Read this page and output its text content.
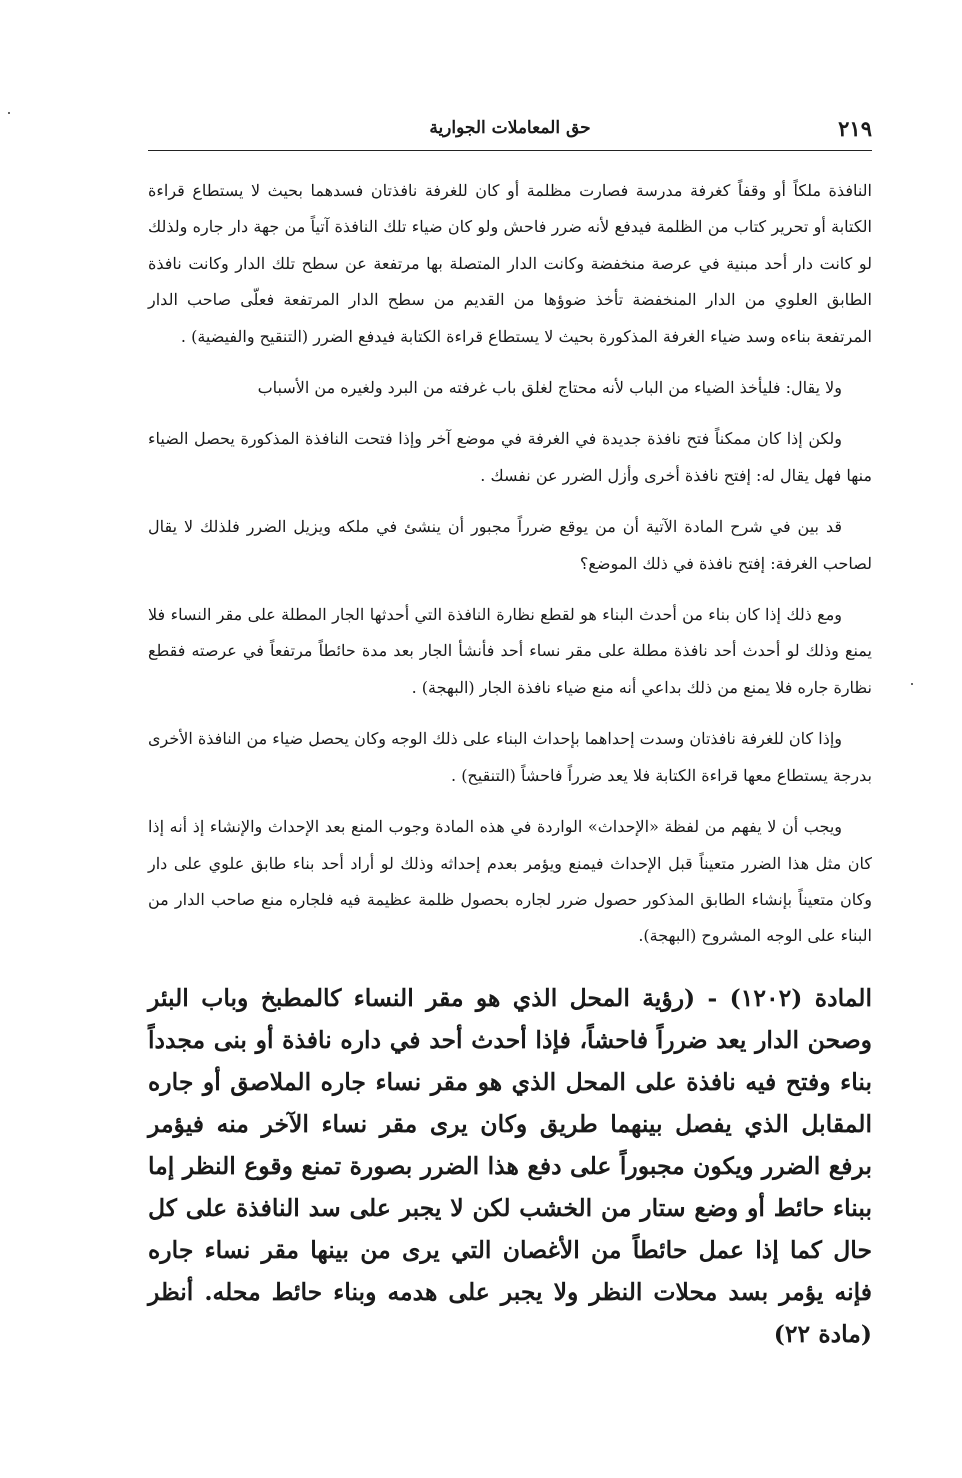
٢١٩
حق المعاملات الجوارية

النافذة ملكاً أو وقفاً كغرفة مدرسة فصارت مظلمة أو كان للغرفة نافذتان فسدهما بحيث لا يستطاع قراءة الكتابة أو تحرير كتاب من الظلمة فيدفع لأنه ضرر فاحش ولو كان ضياء تلك النافذة آتياً من جهة دار جاره ولذلك لو كانت دار أحد مبنية في عرصة منخفضة وكانت الدار المتصلة بها مرتفعة عن سطح تلك الدار وكانت نافذة الطابق العلوي من الدار المنخفضة تأخذ ضوؤها من القديم من سطح الدار المرتفعة فعلّى صاحب الدار المرتفعة بناءه وسد ضياء الغرفة المذكورة بحيث لا يستطاع قراءة الكتابة فيدفع الضرر (التنقيح والفيضية) .

ولا يقال: فليأخذ الضياء من الباب لأنه محتاج لغلق باب غرفته من البرد ولغيره من الأسباب

ولكن إذا كان ممكناً فتح نافذة جديدة في الغرفة في موضع آخر وإذا فتحت النافذة المذكورة يحصل الضياء منها فهل يقال له: إفتح نافذة أخرى وأزل الضرر عن نفسك .

قد بين في شرح المادة الآتية أن من يوقع ضرراً مجبور أن ينشئ في ملكه ويزيل الضرر فلذلك لا يقال لصاحب الغرفة: إفتح نافذة في ذلك الموضع؟

ومع ذلك إذا كان بناء من أحدث البناء هو لقطع نظارة النافذة التي أحدثها الجار المطلة على مقر النساء فلا يمنع وذلك لو أحدث أحد نافذة مطلة على مقر نساء أحد فأنشأ الجار بعد مدة حائطاً مرتفعاً في عرصته فقطع نظارة جاره فلا يمنع من ذلك بداعي أنه منع ضياء نافذة الجار (البهجة) .

وإذا كان للغرفة نافذتان وسدت إحداهما بإحداث البناء على ذلك الوجه وكان يحصل ضياء من النافذة الأخرى بدرجة يستطاع معها قراءة الكتابة فلا يعد ضرراً فاحشاً (التنقيح) .

ويجب أن لا يفهم من لفظة «الإحداث» الواردة في هذه المادة وجوب المنع بعد الإحداث والإنشاء إذ أنه إذا كان مثل هذا الضرر متعيناً قبل الإحداث فيمنع ويؤمر بعدم إحداثه وذلك لو أراد أحد بناء طابق علوي على دار وكان متعيناً بإنشاء الطابق المذكور حصول ضرر لجاره بحصول ظلمة عظيمة فيه فلجاره منع صاحب الدار من البناء على الوجه المشروح (البهجة).

المادة (١٢٠٢) - (رؤية المحل الذي هو مقر النساء كالمطبخ وباب البئر وصحن الدار يعد ضرراً فاحشاً، فإذا أحدث أحد في داره نافذة أو بنى مجدداً بناء وفتح فيه نافذة على المحل الذي هو مقر نساء جاره الملاصق أو جاره المقابل الذي يفصل بينهما طريق وكان يرى مقر نساء الآخر منه فيؤمر برفع الضرر ويكون مجبوراً على دفع هذا الضرر بصورة تمنع وقوع النظر إما ببناء حائط أو وضع ستار من الخشب لكن لا يجبر على سد النافذة على كل حال كما إذا عمل حائطاً من الأغصان التي يرى من بينها مقر نساء جاره فإنه يؤمر بسد محلات النظر ولا يجبر على هدمه وبناء حائط محله. أنظر (مادة ٢٢)
